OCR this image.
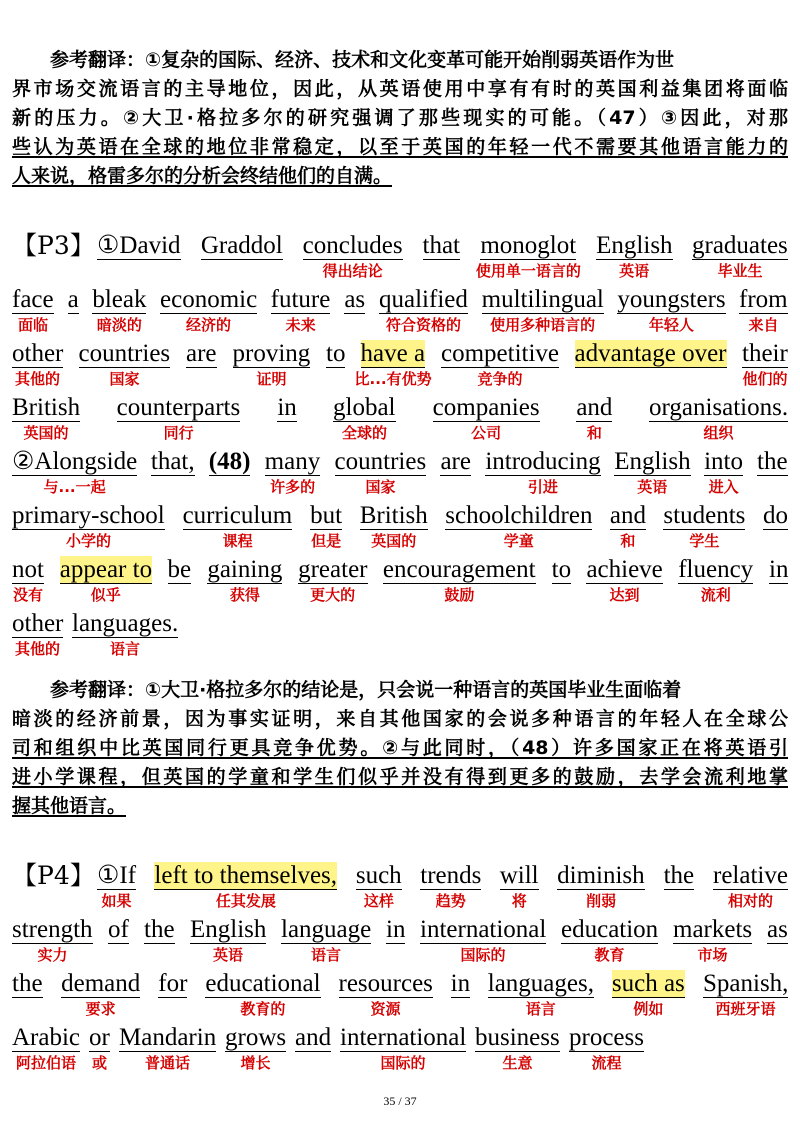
参考翻译：①复杂的国际、经济、技术和文化变革可能开始削弱英语作为世
界市场交流语言的主导地位，因此，从英语使用中享有有时的英国利益集团将面临
新的压力。②大卫·格拉多尔的研究强调了那些现实的可能。（47）③因此，对那
些认为英语在全球的地位非常稳定，以至于英国的年轻一代不需要其他语言能力的
人来说，格雷多尔的分析会终结他们的自满。
【P3】 ①David Graddol concludes
得出结论
that monoglot
使用单一语言的
English
英语
graduates
毕业生
face
面临
a bleak
暗淡的
economic
经济的
future
未来
as qualified
符合资格的
multilingual
使用多种语言的
youngsters
年轻人
from
来自
other
其他的
countries
国家
are proving
证明
to have a
比...有优势
competitive
竞争的
advantage over their
他们的
British
英国的
counterparts
同行
in global
全球的
companies
公司
and
和
organisations.
组织
②Alongside
与...一起
that, (48) many
许多的
countries
国家
are introducing
引进
English
英语
into
进入
the
primary-school
小学的
curriculum
课程
but
但是
British
英国的
schoolchildren
学童
and
和
students
学生
do
not
没有
appear to
似乎
be gaining
获得
greater
更大的
encouragement
鼓励
to achieve
达到
fluency
流利
in
other
其他的
languages.
语言
参考翻译：①大卫·格拉多尔的结论是，只会说一种语言的英国毕业生面临着
暗淡的经济前景，因为事实证明，来自其他国家的会说多种语言的年轻人在全球公
司和组织中比英国同行更具竞争优势。②与此同时，（48）许多国家正在将英语引
进小学课程，但英国的学童和学生们似乎并没有得到更多的鼓励，去学会流利地掌
握其他语言。
【P4】 ①If
如果
left to themselves,
任其发展
such
这样
trends
趋势
will
将
diminish
削弱
the relative
相对的
strength
实力
of the English
英语
language
语言
in international
国际的
education
教育
markets
市场
as
the demand
要求
for educational
教育的
resources
资源
in languages,
语言
such as
例如
Spanish,
西班牙语
Arabic
阿拉伯语
or
或
Mandarin
普通话
grows
增长
and international
国际的
business
生意
process
流程
35 / 37
